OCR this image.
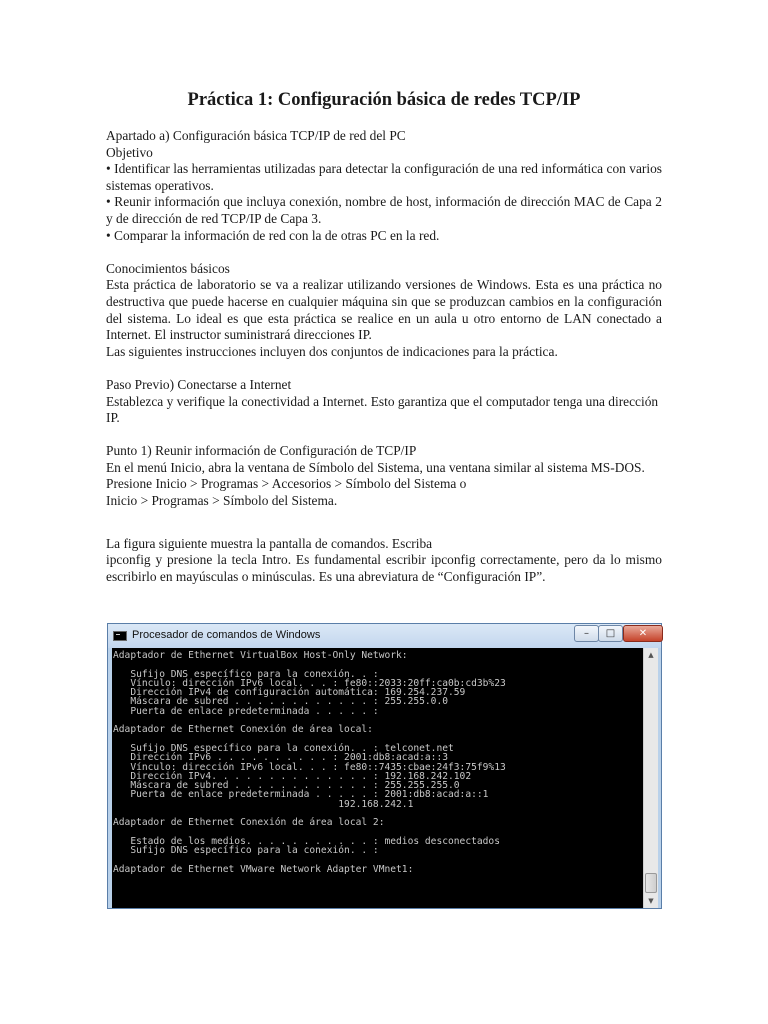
Práctica 1: Configuración básica de redes TCP/IP

Apartado a) Configuración básica TCP/IP de red del PC

Objetivo

• Identificar las herramientas utilizadas para detectar la configuración de una red informática con varios sistemas operativos.

• Reunir información que incluya conexión, nombre de host, información de dirección MAC de Capa 2 y de dirección de red TCP/IP de Capa 3.

• Comparar la información de red con la de otras PC en la red.

Conocimientos básicos

Esta práctica de laboratorio se va a realizar utilizando versiones de Windows. Esta es una práctica no destructiva que puede hacerse en cualquier máquina sin que se produzcan cambios en la configuración del sistema. Lo ideal es que esta práctica se realice en un aula u otro entorno de LAN conectado a Internet. El instructor suministrará direcciones IP.

Las siguientes instrucciones incluyen dos conjuntos de indicaciones para la práctica.

Paso Previo) Conectarse a Internet

Establezca y verifique la conectividad a Internet. Esto garantiza que el computador tenga una dirección IP.

Punto 1) Reunir información de Configuración de TCP/IP

En el menú Inicio, abra la ventana de Símbolo del Sistema, una ventana similar al sistema MS-DOS.

Presione Inicio > Programas > Accesorios > Símbolo del Sistema o

Inicio > Programas > Símbolo del Sistema.

La figura siguiente muestra la pantalla de comandos. Escriba

ipconfig y presione la tecla Intro. Es fundamental escribir ipconfig correctamente, pero da lo mismo escribirlo en mayúsculas o minúsculas. Es una abreviatura de “Configuración IP”.

Procesador de comandos de Windows	–	□	✕
Adaptador de Ethernet VirtualBox Host-Only Network:

Sufijo DNS específico para la conexión. . :
Vínculo: dirección IPv6 local. . . : fe80::2033:20ff:ca0b:cd3b%23
Dirección IPv4 de configuración automática: 169.254.237.59
Máscara de subred . . . . . . . . . . . . : 255.255.0.0
Puerta de enlace predeterminada . . . . . :

Adaptador de Ethernet Conexión de área local:

Sufijo DNS específico para la conexión. . : telconet.net
Dirección IPv6 . . . . . . . . . . : 2001:db8:acad:a::3
Vínculo: dirección IPv6 local. . . : fe80::7435:cbae:24f3:75f9%13
Dirección IPv4. . . . . . . . . . . . . . : 192.168.242.102
Máscara de subred . . . . . . . . . . . . : 255.255.255.0
Puerta de enlace predeterminada . . . . . : 2001:db8:acad:a::1
192.168.242.1

Adaptador de Ethernet Conexión de área local 2:

Estado de los medios. . . . . . . . . . . : medios desconectados
Sufijo DNS específico para la conexión. . :

Adaptador de Ethernet VMware Network Adapter VMnet1:
▲
▼
